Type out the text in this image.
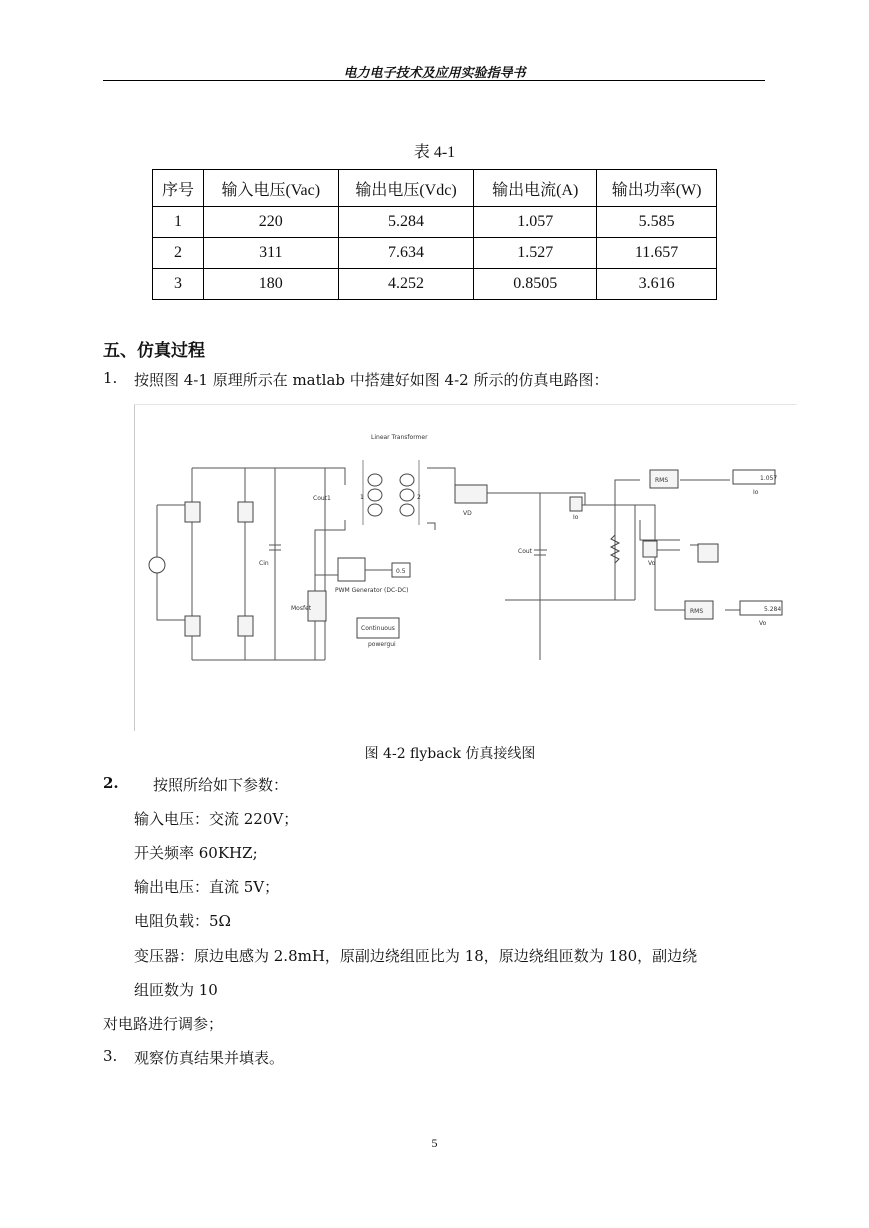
电力电子技术及应用实验指导书
表 4-1
序号	输入电压(Vac)	输出电压(Vdc)	输出电流(A)	输出功率(W)
1	220	5.284	1.057	5.585
2	311	7.634	1.527	11.657
3	180	4.252	0.8505	3.616
五、仿真过程
1. 按照图 4-1 原理所示在 matlab 中搭建好如图 4-2 所示的仿真电路图：
Linear Transformer
Cout1
Cin
1	2
VD
Io
Cout
Vo
RMS
RMS
PWM Generator (DC-DC)
0.5
Mosfet
Continuous
powergui
1.057
Io
5.284
Vo
图 4-2 flyback 仿真接线图
2. 按照所给如下参数：
输入电压：交流 220V；
开关频率 60KHZ;
输出电压：直流 5V；
电阻负载：5Ω
变压器：原边电感为 2.8mH，原副边绕组匝比为 18，原边绕组匝数为 180，副边绕
组匝数为 10
对电路进行调参；
3. 观察仿真结果并填表。
5
